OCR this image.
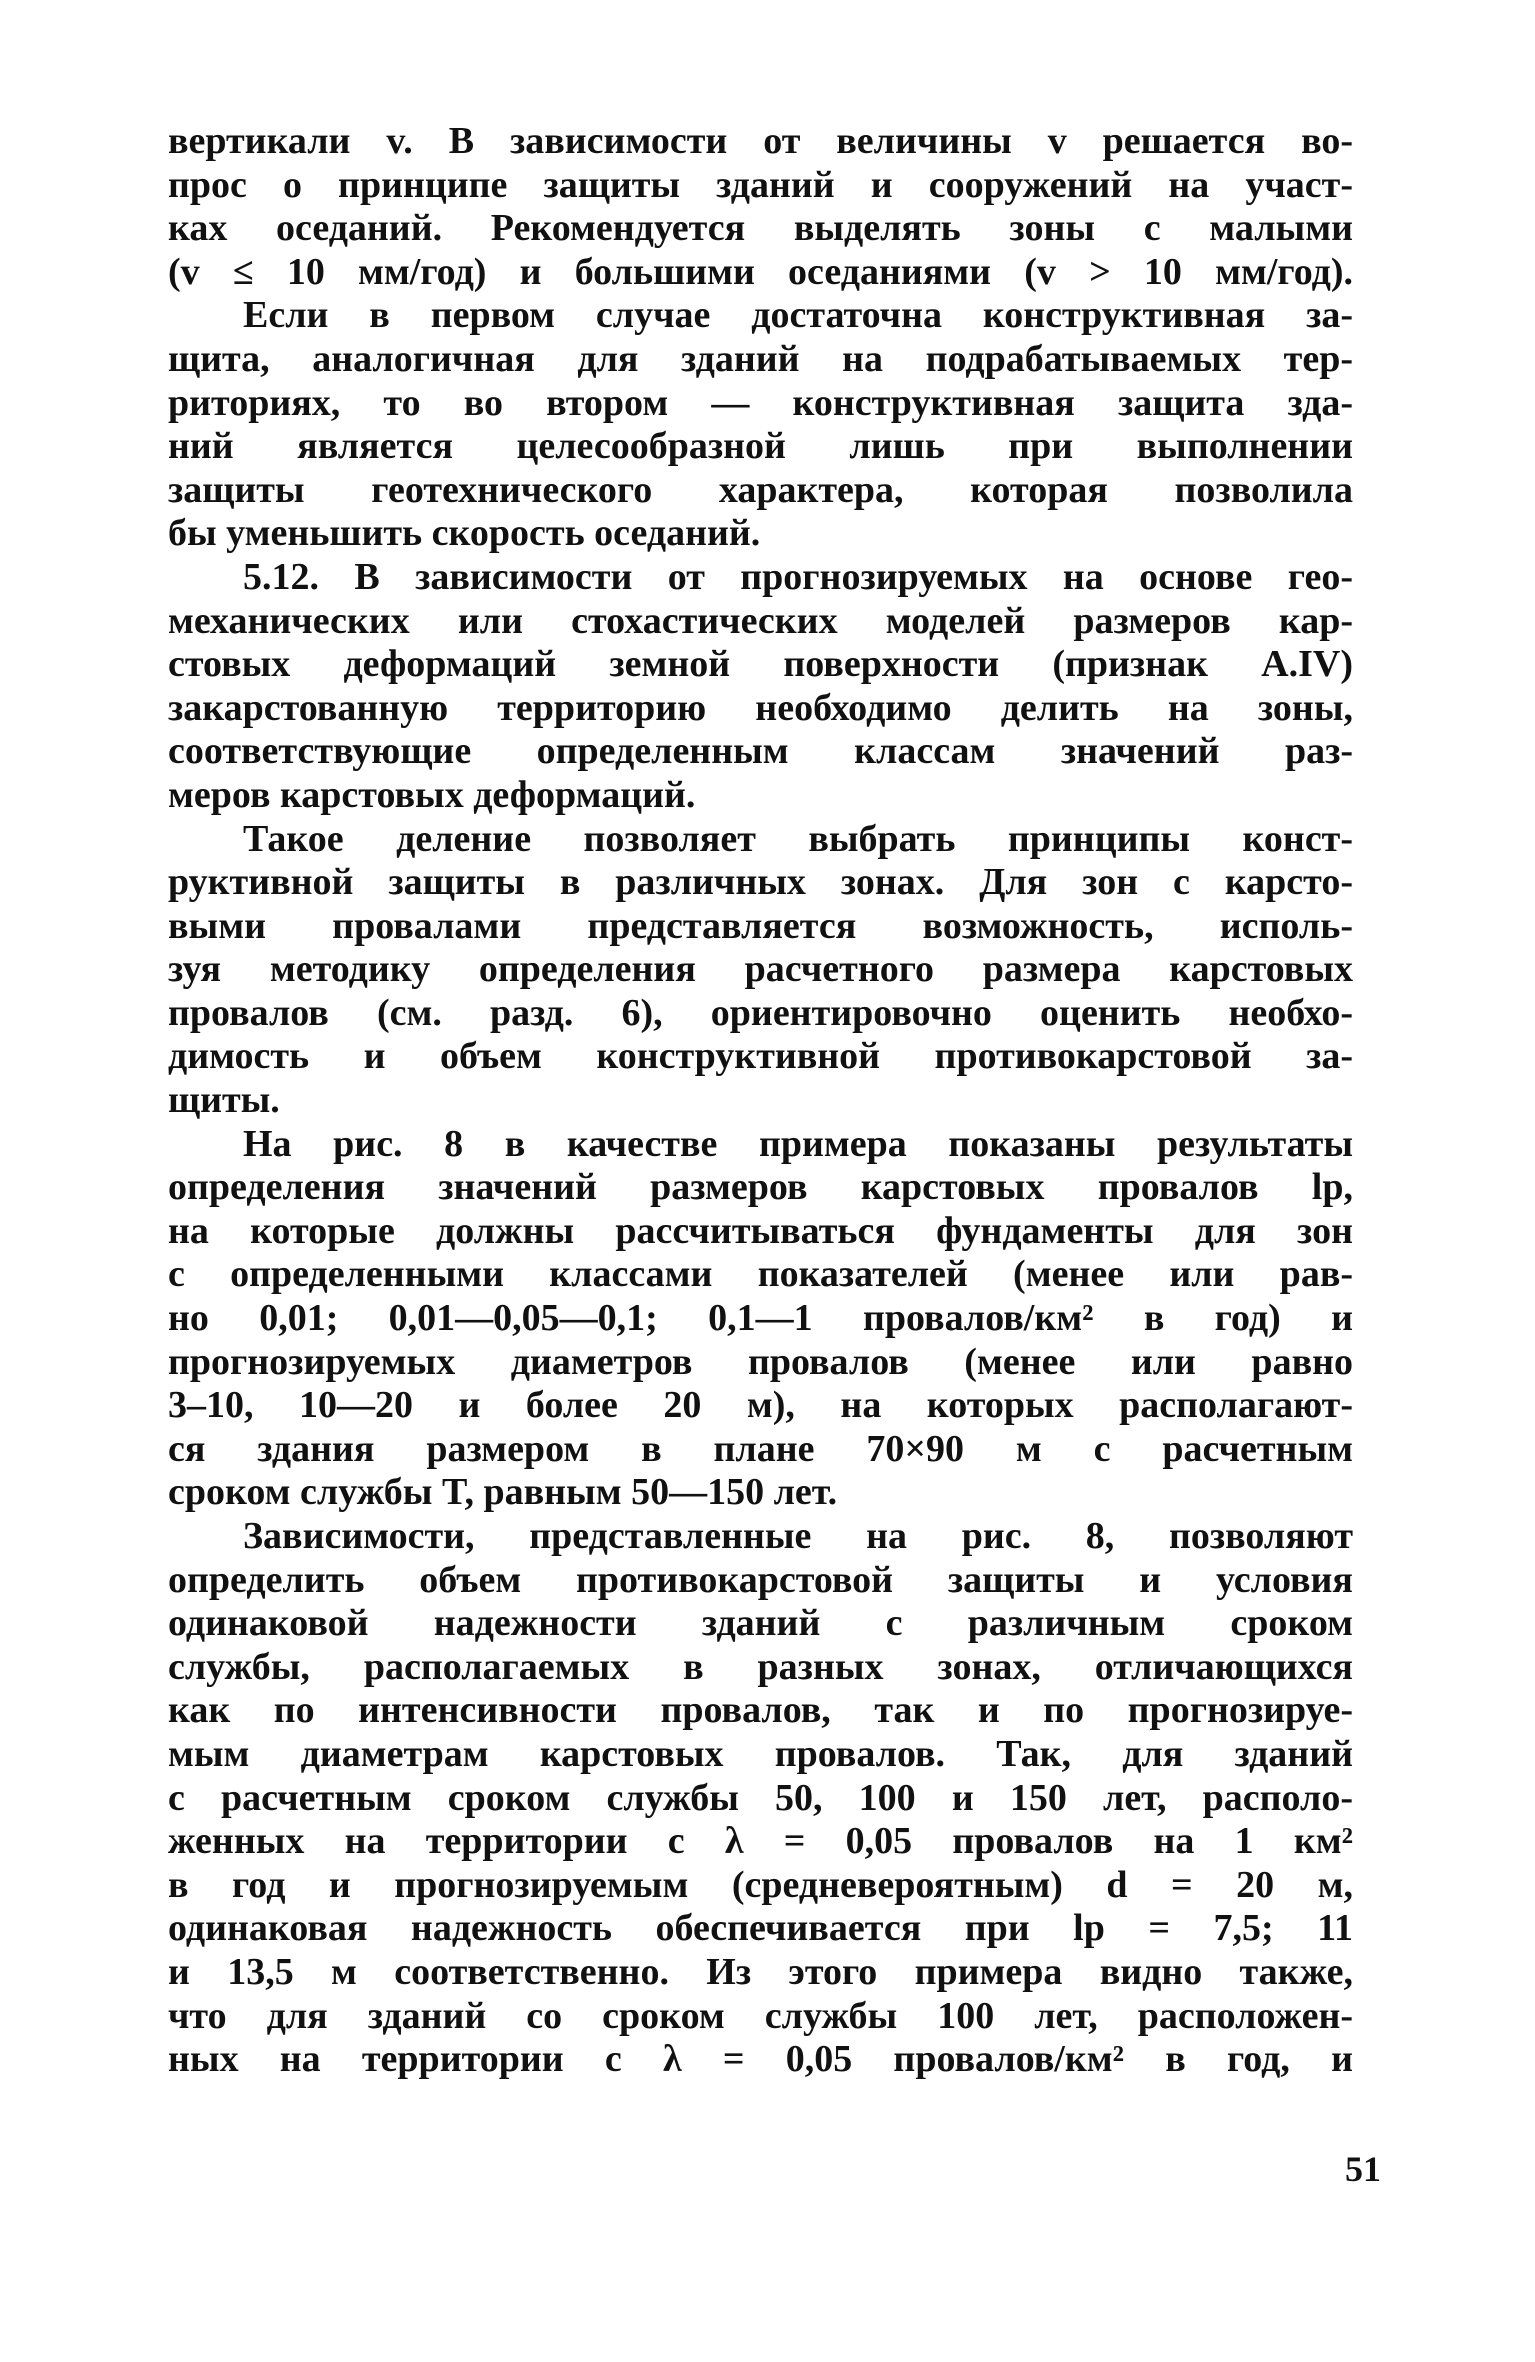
вертикали v. В зависимости от величины v решается во-
прос о принципе защиты зданий и сооружений на участ-
ках оседаний. Рекомендуется выделять зоны с малыми
(v ≤ 10 мм/год) и большими оседаниями (v > 10 мм/год).
Если в первом случае достаточна конструктивная за-
щита, аналогичная для зданий на подрабатываемых тер-
риториях, то во втором — конструктивная защита зда-
ний является целесообразной лишь при выполнении
защиты геотехнического характера, которая позволила
бы уменьшить скорость оседаний.
5.12. В зависимости от прогнозируемых на основе гео-
механических или стохастических моделей размеров кар-
стовых деформаций земной поверхности (признак А.IV)
закарстованную территорию необходимо делить на зоны,
соответствующие определенным классам значений раз-
меров карстовых деформаций.
Такое деление позволяет выбрать принципы конст-
руктивной защиты в различных зонах. Для зон с карсто-
выми провалами представляется возможность, исполь-
зуя методику определения расчетного размера карстовых
провалов (см. разд. 6), ориентировочно оценить необхо-
димость и объем конструктивной противокарстовой за-
щиты.
На рис. 8 в качестве примера показаны результаты
определения значений размеров карстовых провалов lp,
на которые должны рассчитываться фундаменты для зон
с определенными классами показателей (менее или рав-
но 0,01; 0,01—0,05—0,1; 0,1—1 провалов/км² в год) и
прогнозируемых диаметров провалов (менее или равно
3–10, 10—20 и более 20 м), на которых располагают-
ся здания размером в плане 70×90 м с расчетным
сроком службы T, равным 50—150 лет.
Зависимости, представленные на рис. 8, позволяют
определить объем противокарстовой защиты и условия
одинаковой надежности зданий с различным сроком
службы, располагаемых в разных зонах, отличающихся
как по интенсивности провалов, так и по прогнозируе-
мым диаметрам карстовых провалов. Так, для зданий
с расчетным сроком службы 50, 100 и 150 лет, располо-
женных на территории с λ = 0,05 провалов на 1 км²
в год и прогнозируемым (средневероятным) d = 20 м,
одинаковая надежность обеспечивается при lp = 7,5; 11
и 13,5 м соответственно. Из этого примера видно также,
что для зданий со сроком службы 100 лет, расположен-
ных на территории с λ = 0,05 провалов/км² в год, и
51
